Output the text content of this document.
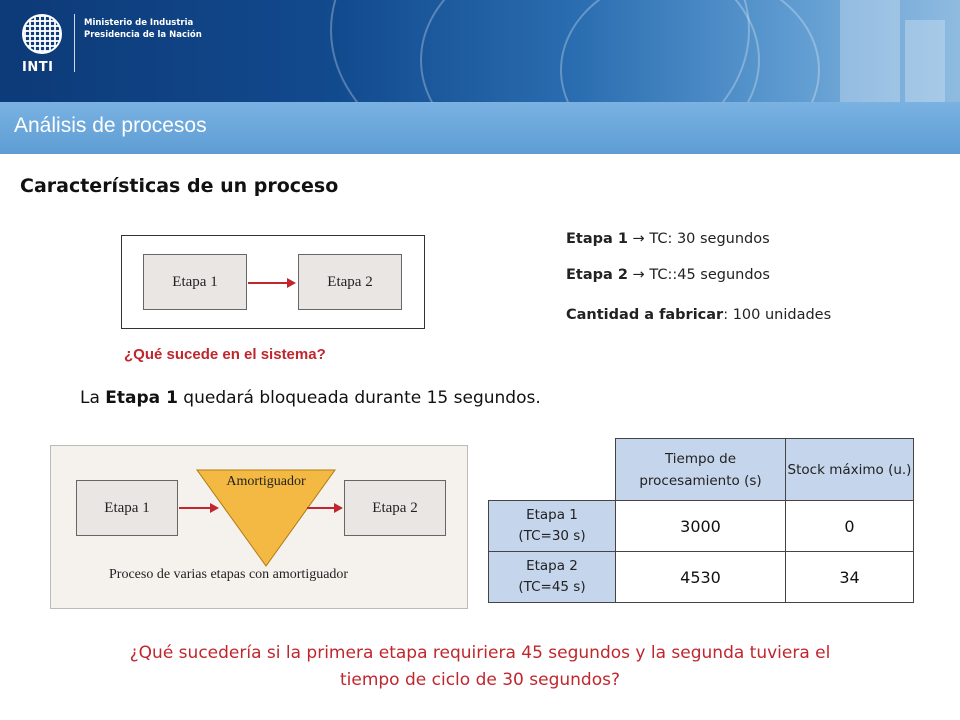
INTI
Ministerio de Industria
Presidencia de la Nación
Análisis de procesos
Características de un proceso
Etapa 1	Etapa 2
¿Qué sucede en el sistema?
Etapa 1 → TC: 30 segundos
Etapa 2 → TC::45 segundos
Cantidad a fabricar: 100 unidades
La Etapa 1 quedará bloqueada durante 15 segundos.
Etapa 1
Amortiguador
Etapa 2
Proceso de varias etapas con amortiguador
	Tiempo de procesamiento (s)	Stock máximo (u.)

Etapa 1
(TC=30 s)	3000	0

Etapa 2
(TC=45 s)	4530	34
¿Qué sucedería si la primera etapa requiriera 45 segundos y la segunda tuviera el
tiempo de ciclo de 30 segundos?
